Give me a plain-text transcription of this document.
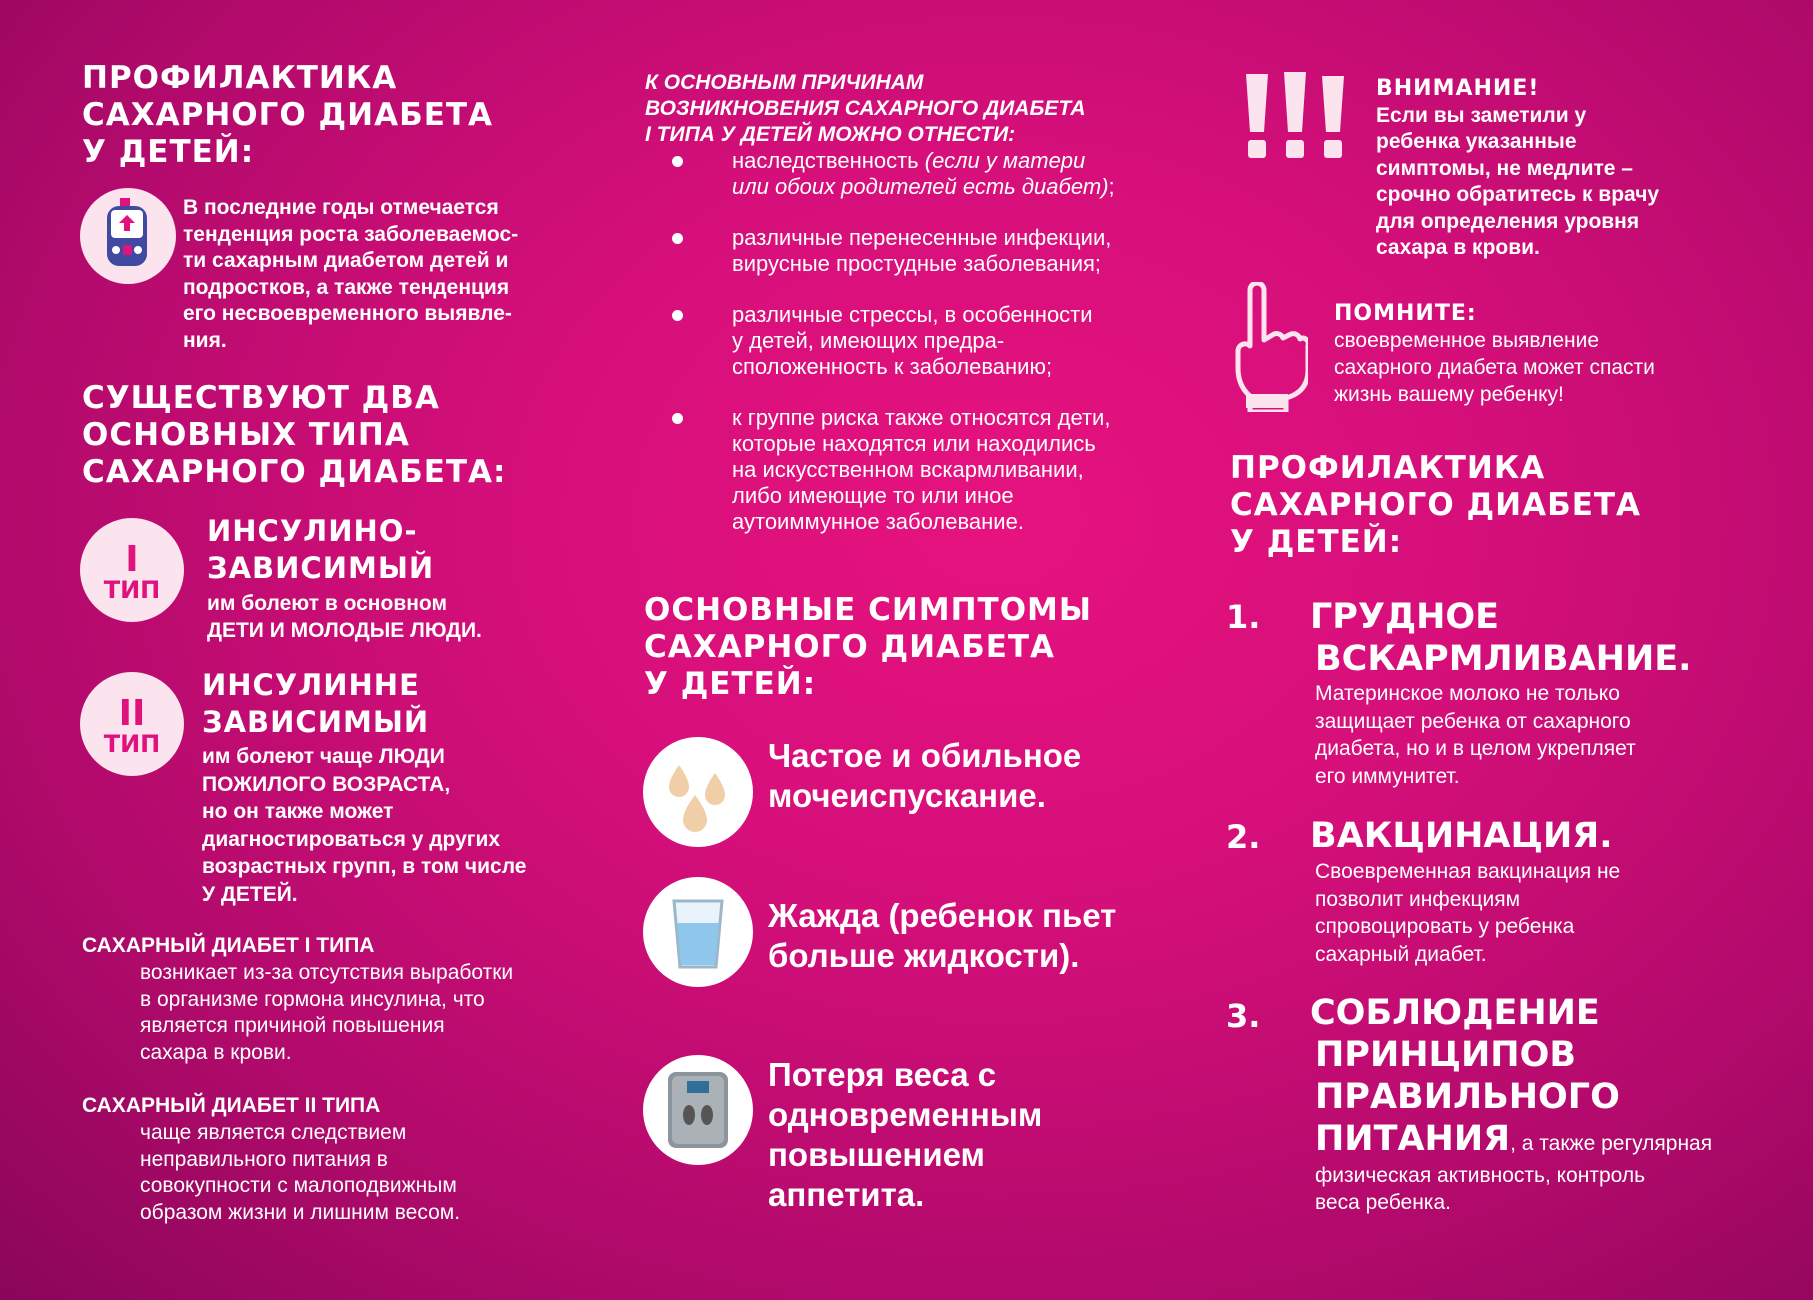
ПРОФИЛАКТИКА
САХАРНОГО ДИАБЕТА
У ДЕТЕЙ:
В последние годы отмечается
тенденция роста заболеваемос-
ти сахарным диабетом детей и
подростков, а также тенденция
его несвоевременного выявле-
ния.
СУЩЕСТВУЮТ ДВА
ОСНОВНЫХ ТИПА
САХАРНОГО ДИАБЕТА:
I
ТИП
ИНСУЛИНО-
ЗАВИСИМЫЙ
им болеют в основном
ДЕТИ И МОЛОДЫЕ ЛЮДИ.
II
ТИП
ИНСУЛИННЕ
ЗАВИСИМЫЙ
им болеют чаще ЛЮДИ
ПОЖИЛОГО ВОЗРАСТА,
но он также может
диагностироваться у других
возрастных групп, в том числе
У ДЕТЕЙ.
САХАРНЫЙ ДИАБЕТ I ТИПА
возникает из-за отсутствия выработки
в организме гормона инсулина, что
является причиной повышения
сахара в крови.
САХАРНЫЙ ДИАБЕТ II ТИПА
чаще является следствием
неправильного питания в
совокупности с малоподвижным
образом жизни и лишним весом.
К ОСНОВНЫМ ПРИЧИНАМ
ВОЗНИКНОВЕНИЯ САХАРНОГО ДИАБЕТА
I ТИПА У ДЕТЕЙ МОЖНО ОТНЕСТИ:
наследственность (если у матери
или обоих родителей есть диабет);
различные перенесенные инфекции,
вирусные простудные заболевания;
различные стрессы, в особенности
у детей, имеющих предра-
сположенность к заболеванию;
к группе риска также относятся дети,
которые находятся или находились
на искусственном вскармливании,
либо имеющие то или иное
аутоиммунное заболевание.
ОСНОВНЫЕ СИМПТОМЫ
САХАРНОГО ДИАБЕТА
У ДЕТЕЙ:
Частое и обильное
мочеиспускание.
Жажда (ребенок пьет
больше жидкости).
Потеря веса с
одновременным
повышением
аппетита.
ВНИМАНИЕ!
Если вы заметили у
ребенка указанные
симптомы, не медлите –
срочно обратитесь к врачу
для определения уровня
сахара в крови.
ПОМНИТЕ:
своевременное выявление
сахарного диабета может спасти
жизнь вашему ребенку!
ПРОФИЛАКТИКА
САХАРНОГО ДИАБЕТА
У ДЕТЕЙ:
1. ГРУДНОЕ
ВСКАРМЛИВАНИЕ.
Материнское молоко не только
защищает ребенка от сахарного
диабета, но и в целом укрепляет
его иммунитет.
2. ВАКЦИНАЦИЯ.
Своевременная вакцинация не
позволит инфекциям
спровоцировать у ребенка
сахарный диабет.
3. СОБЛЮДЕНИЕ
ПРИНЦИПОВ
ПРАВИЛЬНОГО
ПИТАНИЯ, а также регулярная
физическая активность, контроль
веса ребенка.
